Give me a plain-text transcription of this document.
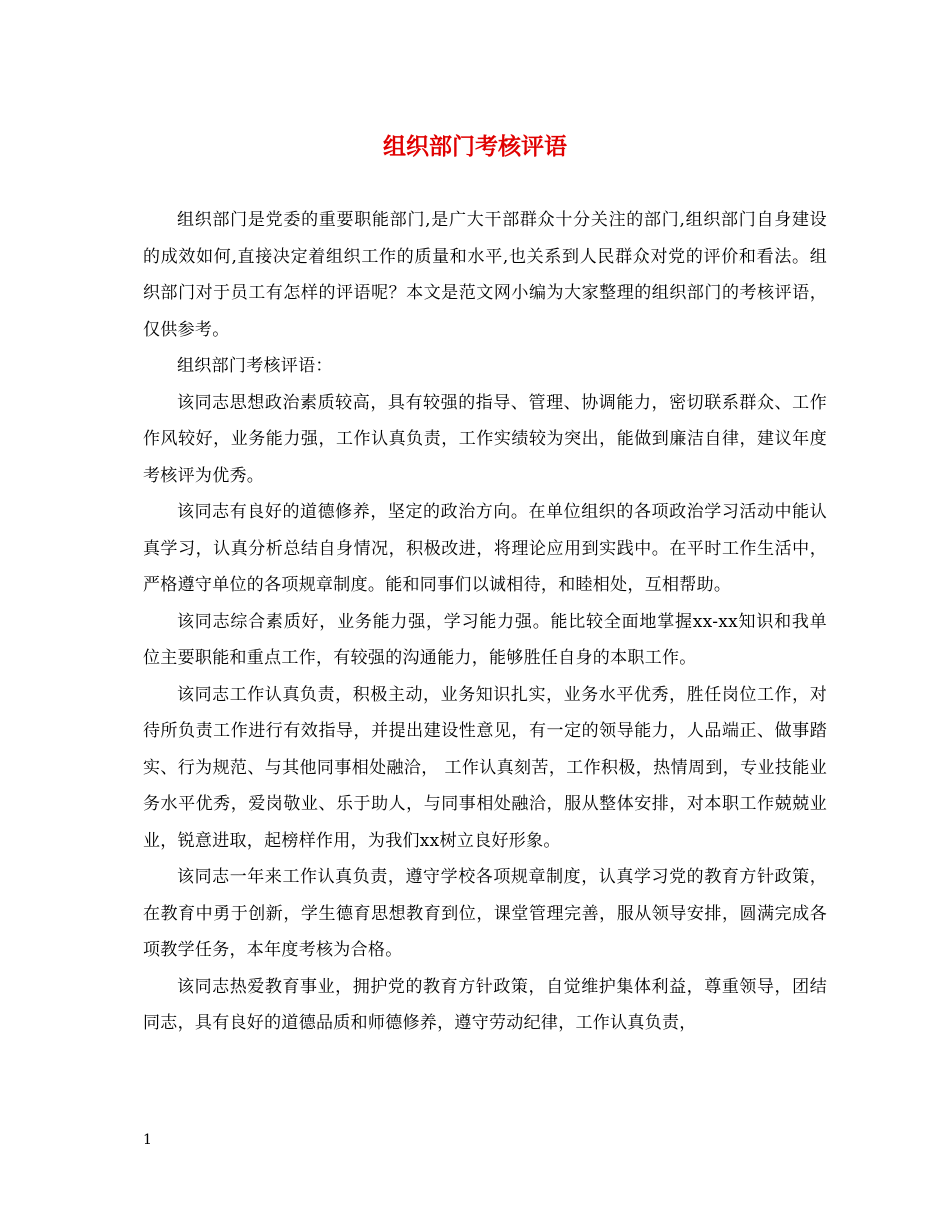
组织部门考核评语

组织部门是党委的重要职能部门,是广大干部群众十分关注的部门,组织部门自身建设的成效如何,直接决定着组织工作的质量和水平,也关系到人民群众对党的评价和看法。组织部门对于员工有怎样的评语呢？本文是范文网小编为大家整理的组织部门的考核评语，仅供参考。

组织部门考核评语：

该同志思想政治素质较高，具有较强的指导、管理、协调能力，密切联系群众、工作作风较好，业务能力强，工作认真负责，工作实绩较为突出，能做到廉洁自律，建议年度考核评为优秀。

该同志有良好的道德修养，坚定的政治方向。在单位组织的各项政治学习活动中能认真学习，认真分析总结自身情况，积极改进，将理论应用到实践中。在平时工作生活中，严格遵守单位的各项规章制度。能和同事们以诚相待，和睦相处，互相帮助。

该同志综合素质好，业务能力强，学习能力强。能比较全面地掌握xx-xx知识和我单位主要职能和重点工作，有较强的沟通能力，能够胜任自身的本职工作。

该同志工作认真负责，积极主动，业务知识扎实，业务水平优秀，胜任岗位工作，对待所负责工作进行有效指导，并提出建设性意见，有一定的领导能力，人品端正、做事踏实、行为规范、与其他同事相处融洽， 工作认真刻苦，工作积极，热情周到，专业技能业务水平优秀，爱岗敬业、乐于助人，与同事相处融洽，服从整体安排，对本职工作兢兢业业，锐意进取，起榜样作用，为我们xx树立良好形象。

该同志一年来工作认真负责，遵守学校各项规章制度，认真学习党的教育方针政策，在教育中勇于创新，学生德育思想教育到位，课堂管理完善，服从领导安排，圆满完成各项教学任务，本年度考核为合格。

该同志热爱教育事业，拥护党的教育方针政策，自觉维护集体利益，尊重领导，团结同志，具有良好的道德品质和师德修养，遵守劳动纪律，工作认真负责，

1
